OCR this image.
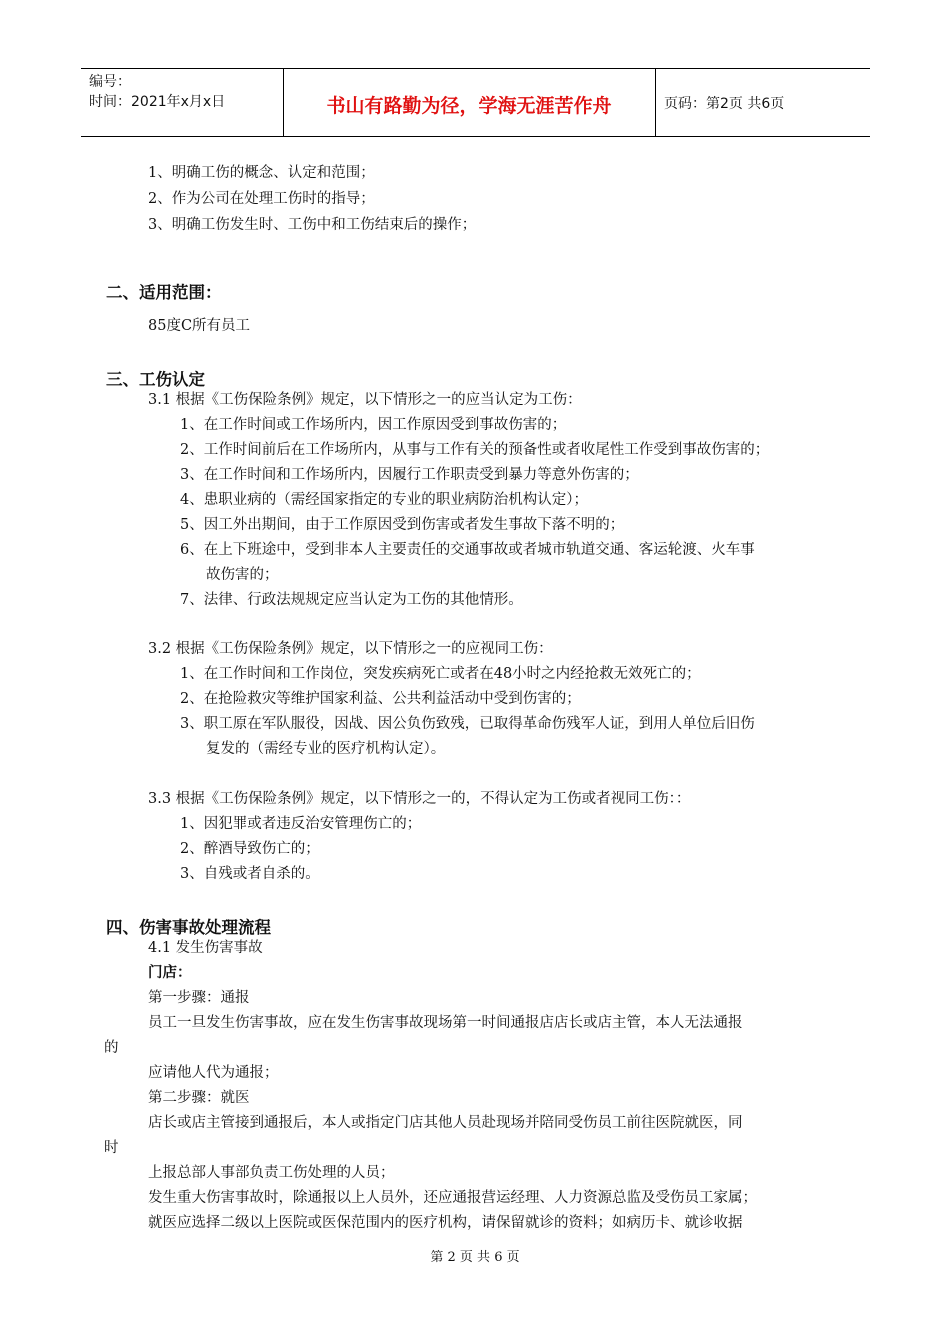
编号：
时间：2021年x月x日	书山有路勤为径，学海无涯苦作舟	页码：第2页 共6页
1、明确工伤的概念、认定和范围；
2、作为公司在处理工伤时的指导；
3、明确工伤发生时、工伤中和工伤结束后的操作；
二、适用范围：
85度C所有员工
三、工伤认定
3.1 根据《工伤保险条例》规定，以下情形之一的应当认定为工伤：
1、在工作时间或工作场所内，因工作原因受到事故伤害的；
2、工作时间前后在工作场所内，从事与工作有关的预备性或者收尾性工作受到事故伤害的；
3、在工作时间和工作场所内，因履行工作职责受到暴力等意外伤害的；
4、患职业病的（需经国家指定的专业的职业病防治机构认定）；
5、因工外出期间，由于工作原因受到伤害或者发生事故下落不明的；
6、在上下班途中，受到非本人主要责任的交通事故或者城市轨道交通、客运轮渡、火车事
故伤害的；
7、法律、行政法规规定应当认定为工伤的其他情形。
3.2 根据《工伤保险条例》规定，以下情形之一的应视同工伤：
1、在工作时间和工作岗位，突发疾病死亡或者在48小时之内经抢救无效死亡的；
2、在抢险救灾等维护国家利益、公共利益活动中受到伤害的；
3、职工原在军队服役，因战、因公负伤致残，已取得革命伤残军人证，到用人单位后旧伤
复发的（需经专业的医疗机构认定）。
3.3 根据《工伤保险条例》规定，以下情形之一的，不得认定为工伤或者视同工伤：：
1、因犯罪或者违反治安管理伤亡的；
2、醉酒导致伤亡的；
3、自残或者自杀的。
四、伤害事故处理流程
4.1 发生伤害事故
门店：
第一步骤：通报
员工一旦发生伤害事故，应在发生伤害事故现场第一时间通报店店长或店主管，本人无法通报
的
应请他人代为通报；
第二步骤：就医
店长或店主管接到通报后，本人或指定门店其他人员赴现场并陪同受伤员工前往医院就医，同
时
上报总部人事部负责工伤处理的人员；
发生重大伤害事故时，除通报以上人员外，还应通报营运经理、人力资源总监及受伤员工家属；
就医应选择二级以上医院或医保范围内的医疗机构，请保留就诊的资料；如病历卡、就诊收据
第 2 页 共 6 页
